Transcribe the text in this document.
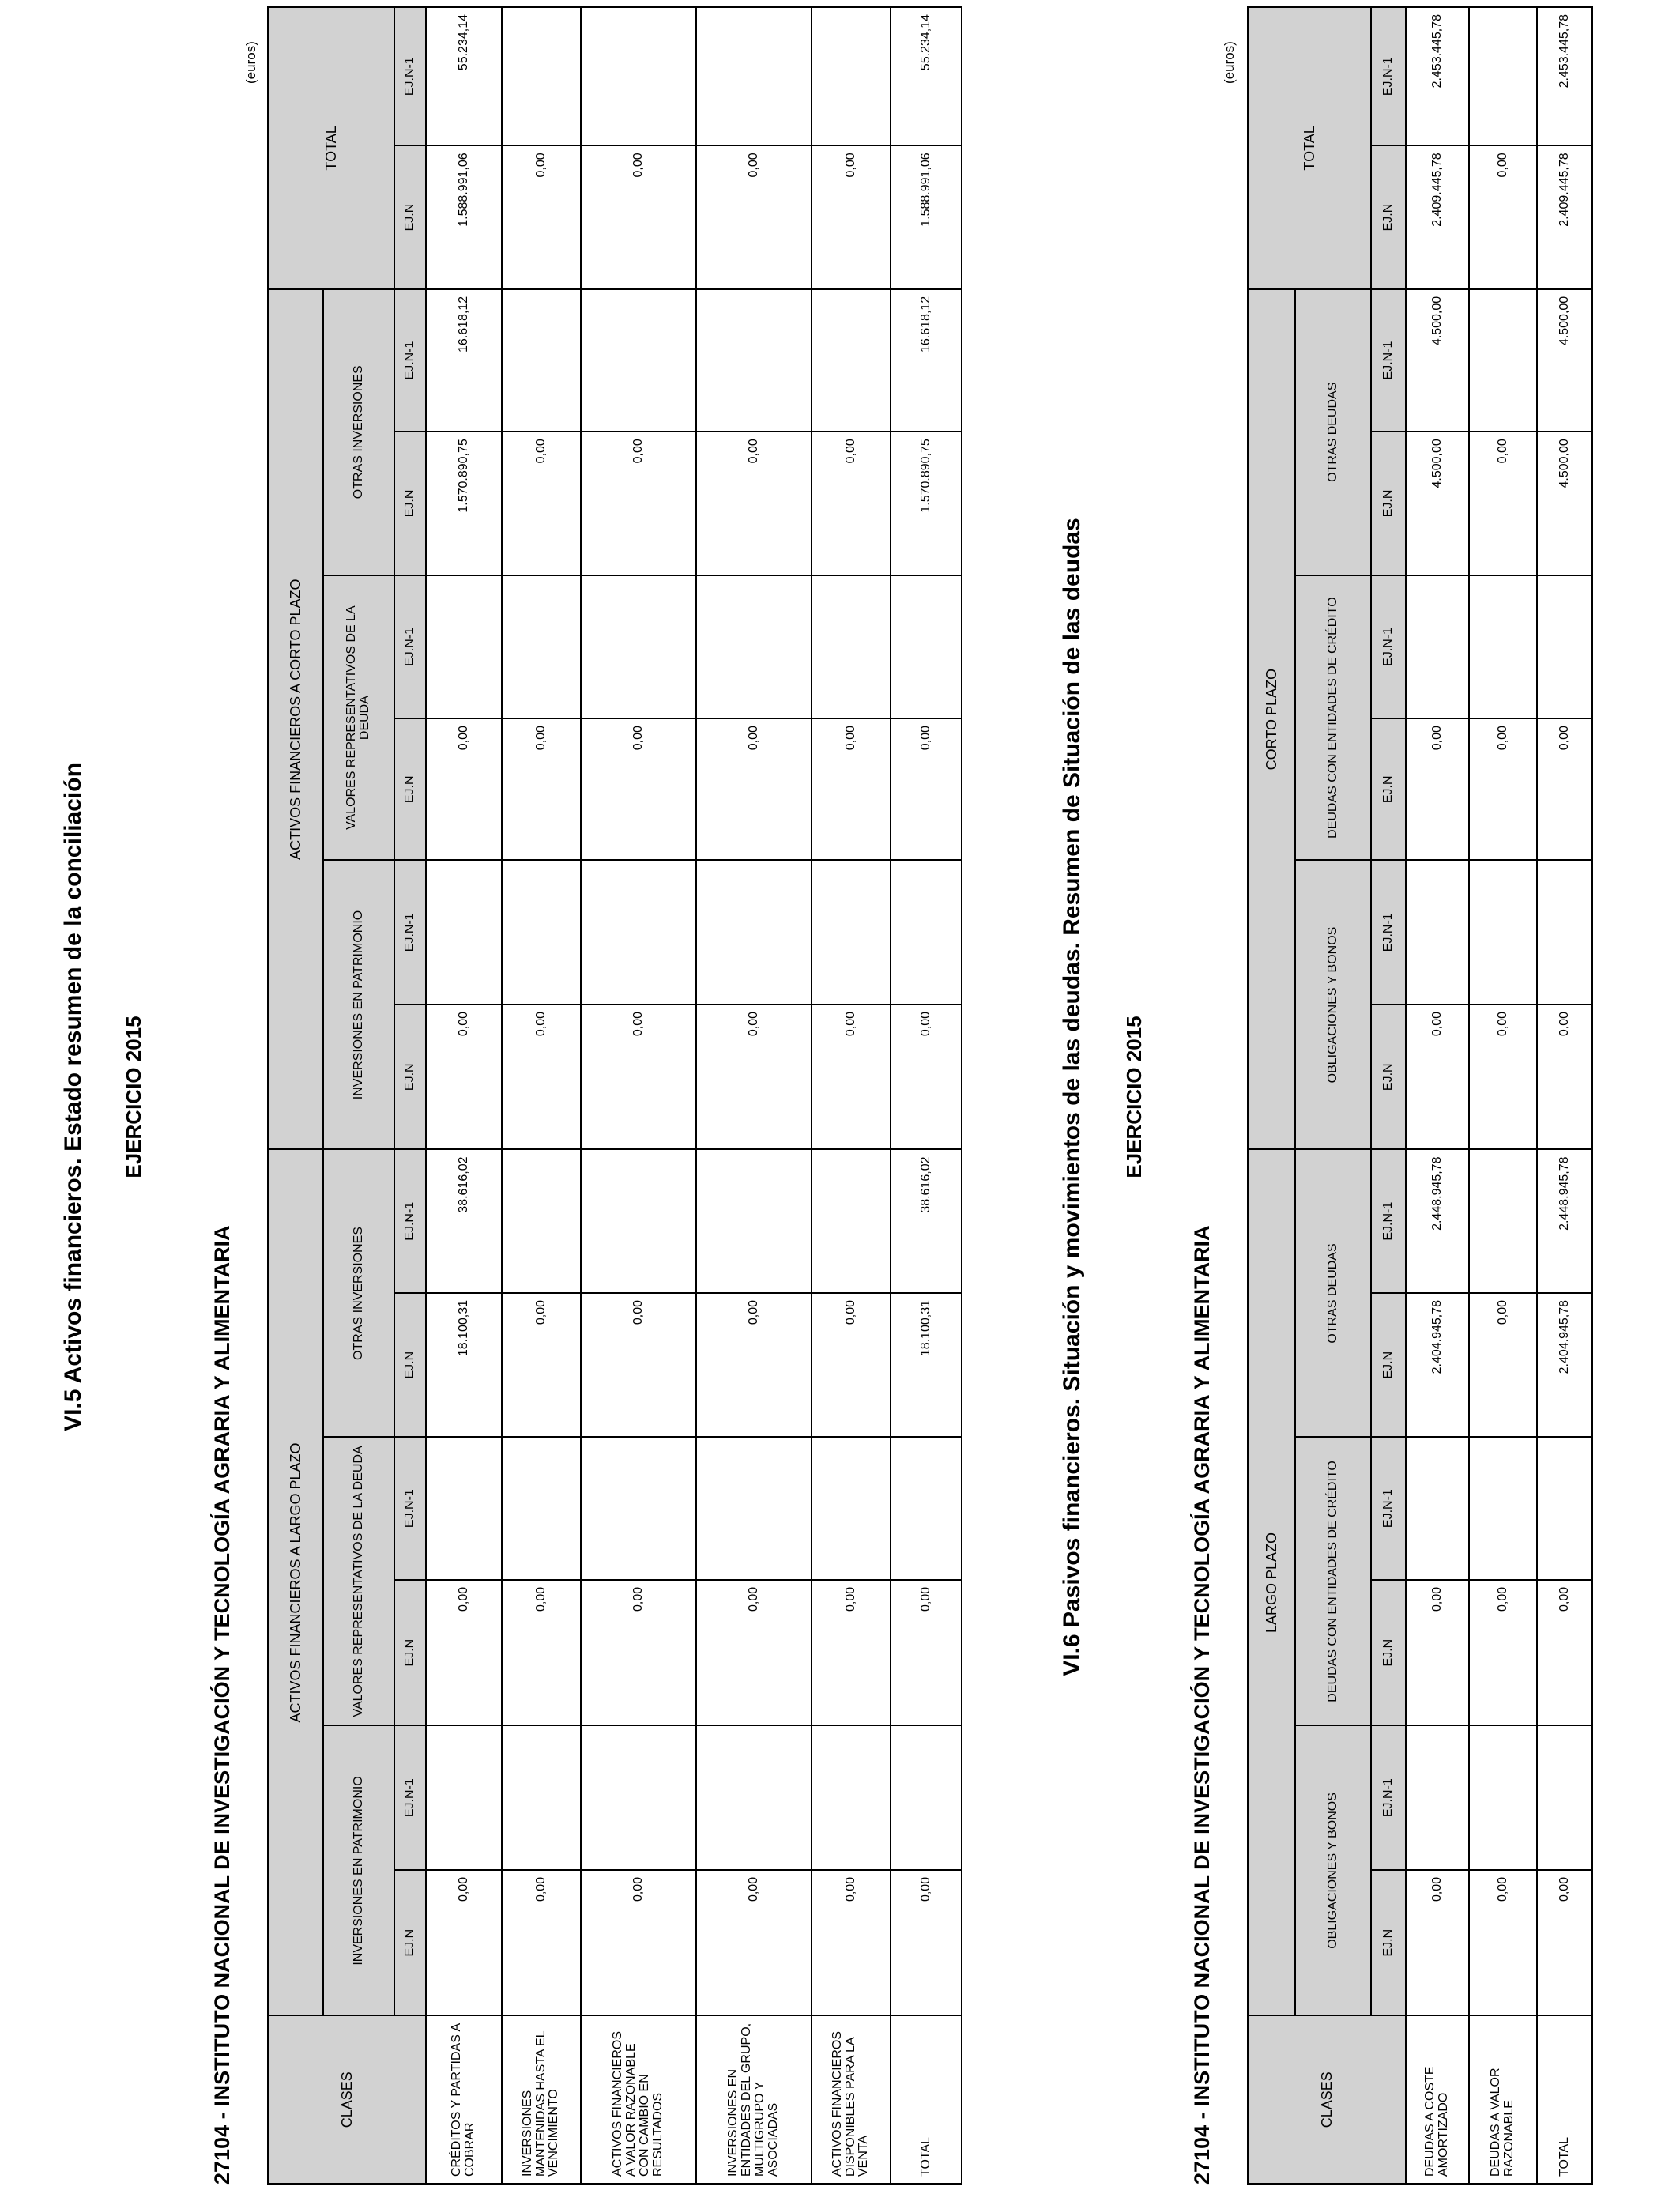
VI.5 Activos financieros. Estado resumen de la conciliación EJERCICIO 2015
27104 - INSTITUTO NACIONAL DE INVESTIGACIÓN Y TECNOLOGÍA AGRARIA Y ALIMENTARIA
(euros)
CLASES	ACTIVOS FINANCIEROS A LARGO PLAZO						ACTIVOS FINANCIEROS A CORTO PLAZO						TOTAL	
	INVERSIONES EN PATRIMONIO		VALORES REPRESENTATIVOS DE LA DEUDA		OTRAS INVERSIONES		INVERSIONES EN PATRIMONIO		VALORES REPRESENTATIVOS DE LA DEUDA		OTRAS INVERSIONES			
	EJ.N	EJ.N-1	EJ.N	EJ.N-1	EJ.N	EJ.N-1	EJ.N	EJ.N-1	EJ.N	EJ.N-1	EJ.N	EJ.N-1	EJ.N	EJ.N-1
CRÉDITOS Y PARTIDAS A COBRAR	0,00		0,00		18.100,31	38.616,02	0,00		0,00		1.570.890,75	16.618,12	1.588.991,06	55.234,14
INVERSIONES MANTENIDAS HASTA EL VENCIMIENTO	0,00		0,00		0,00		0,00		0,00		0,00		0,00	
ACTIVOS FINANCIEROS A VALOR RAZONABLE CON CAMBIO EN RESULTADOS	0,00		0,00		0,00		0,00		0,00		0,00		0,00	
INVERSIONES EN ENTIDADES DEL GRUPO, MULTIGRUPO Y ASOCIADAS	0,00		0,00		0,00		0,00		0,00		0,00		0,00	
ACTIVOS FINANCIEROS DISPONIBLES PARA LA VENTA	0,00		0,00		0,00		0,00		0,00		0,00		0,00	
TOTAL	0,00		0,00		18.100,31	38.616,02	0,00		0,00		1.570.890,75	16.618,12	1.588.991,06	55.234,14
VI.6 Pasivos financieros. Situación y movimientos de las deudas. Resumen de Situación de las deudas EJERCICIO 2015
27104 - INSTITUTO NACIONAL DE INVESTIGACIÓN Y TECNOLOGÍA AGRARIA Y ALIMENTARIA
(euros)
CLASES	LARGO PLAZO						CORTO PLAZO						TOTAL	
	OBLIGACIONES Y BONOS		DEUDAS CON ENTIDADES DE CRÉDITO		OTRAS DEUDAS		OBLIGACIONES Y BONOS		DEUDAS CON ENTIDADES DE CRÉDITO		OTRAS DEUDAS			
	EJ.N	EJ.N-1	EJ.N	EJ.N-1	EJ.N	EJ.N-1	EJ.N	EJ.N-1	EJ.N	EJ.N-1	EJ.N	EJ.N-1	EJ.N	EJ.N-1
DEUDAS A COSTE AMORTIZADO	0,00		0,00		2.404.945,78	2.448.945,78	0,00		0,00		4.500,00	4.500,00	2.409.445,78	2.453.445,78
DEUDAS A VALOR RAZONABLE	0,00		0,00		0,00		0,00		0,00		0,00		0,00	
TOTAL	0,00		0,00		2.404.945,78	2.448.945,78	0,00		0,00		4.500,00	4.500,00	2.409.445,78	2.453.445,78
